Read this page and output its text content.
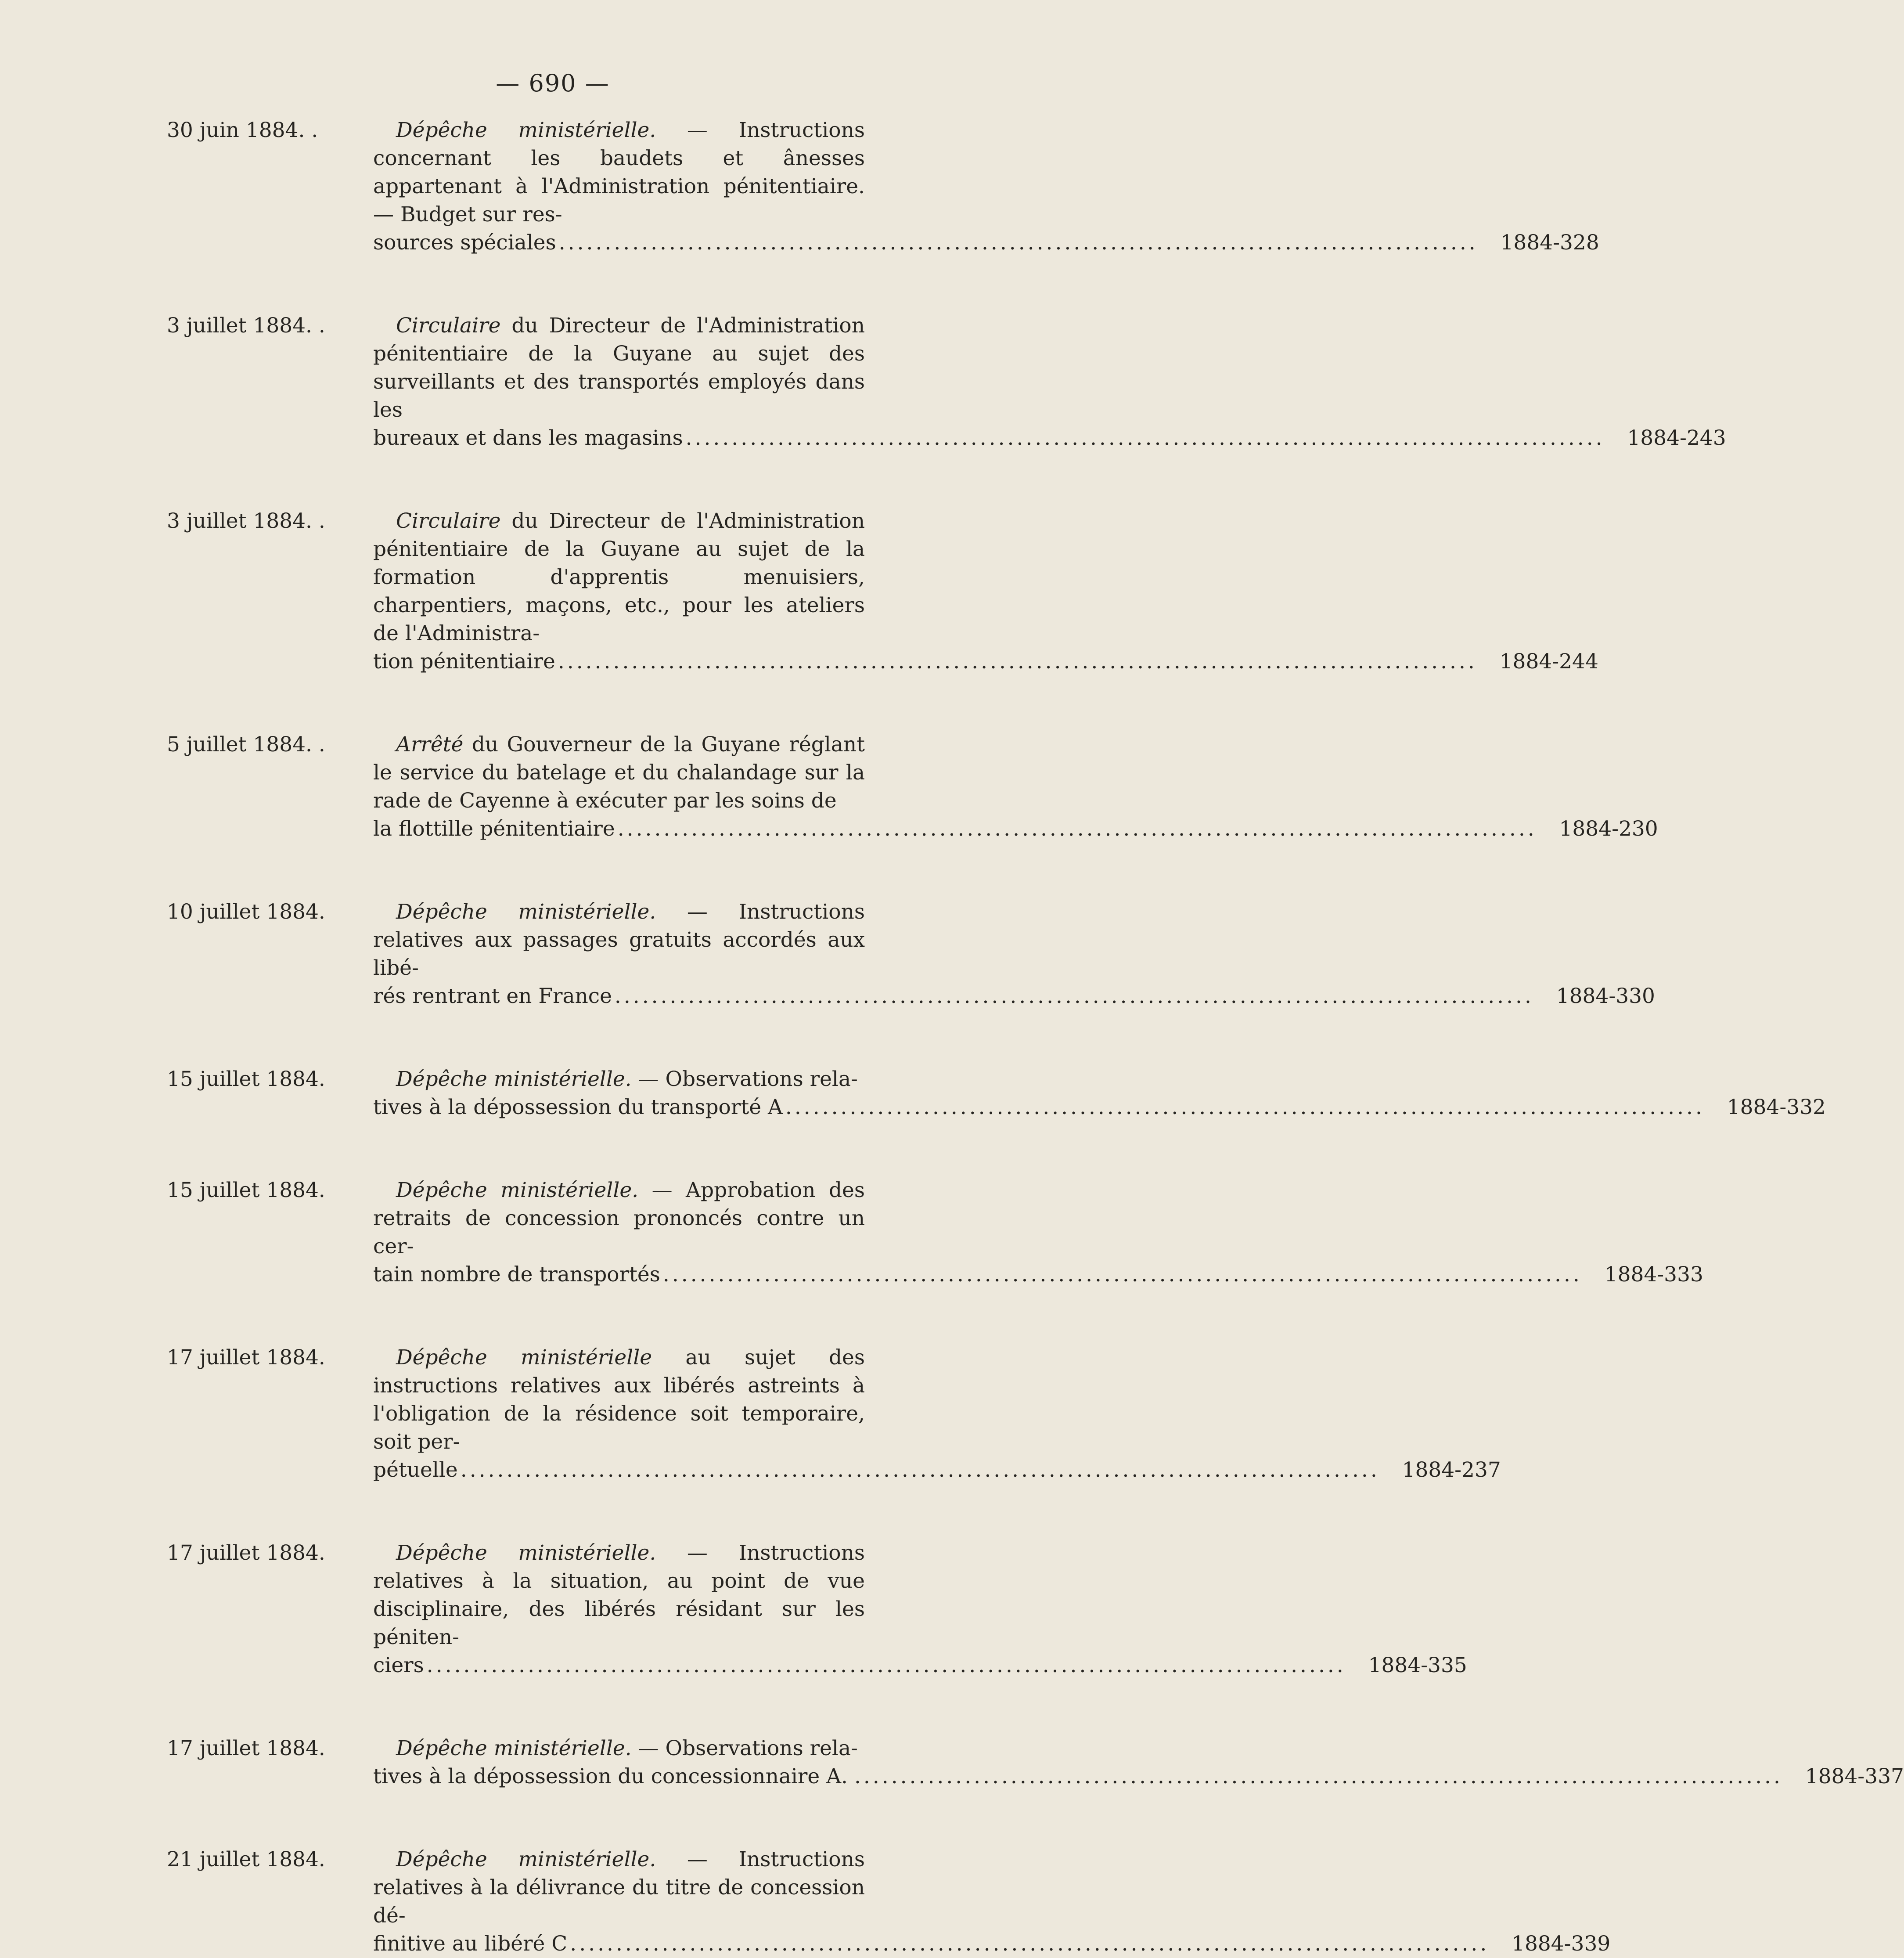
— 690 —
30 juin 1884. .	Dépêche ministérielle. — Instructions concernant les baudets et ânesses appartenant à l'Administration pénitentiaire. — Budget sur res-
sources spéciales ....................................................................................................	1884-328
3 juillet 1884. .	Circulaire du Directeur de l'Administration pénitentiaire de la Guyane au sujet des surveillants et des transportés employés dans les
bureaux et dans les magasins ....................................................................................................	1884-243
3 juillet 1884. .	Circulaire du Directeur de l'Administration pénitentiaire de la Guyane au sujet de la formation d'apprentis menuisiers, charpentiers, maçons, etc., pour les ateliers de l'Administra-
tion pénitentiaire ....................................................................................................	1884-244
5 juillet 1884. .	Arrêté du Gouverneur de la Guyane réglant le service du batelage et du chalandage sur la rade de Cayenne à exécuter par les soins de
la flottille pénitentiaire ....................................................................................................	1884-230
10 juillet 1884.	Dépêche ministérielle. — Instructions relatives aux passages gratuits accordés aux libé-
rés rentrant en France ....................................................................................................	1884-330
15 juillet 1884.	Dépêche ministérielle. — Observations rela-
tives à la dépossession du transporté A ....................................................................................................	1884-332
15 juillet 1884.	Dépêche ministérielle. — Approbation des retraits de concession prononcés contre un cer-
tain nombre de transportés ....................................................................................................	1884-333
17 juillet 1884.	Dépêche ministérielle au sujet des instructions relatives aux libérés astreints à l'obligation de la résidence soit temporaire, soit per-
pétuelle ....................................................................................................	1884-237
17 juillet 1884.	Dépêche ministérielle. — Instructions relatives à la situation, au point de vue disciplinaire, des libérés résidant sur les péniten-
ciers ....................................................................................................	1884-335
17 juillet 1884.	Dépêche ministérielle. — Observations rela-
tives à la dépossession du concessionnaire A. . ....................................................................................................	1884-337
21 juillet 1884.	Dépêche ministérielle. — Instructions relatives à la délivrance du titre de concession dé-
finitive au libéré C ....................................................................................................	1884-339
